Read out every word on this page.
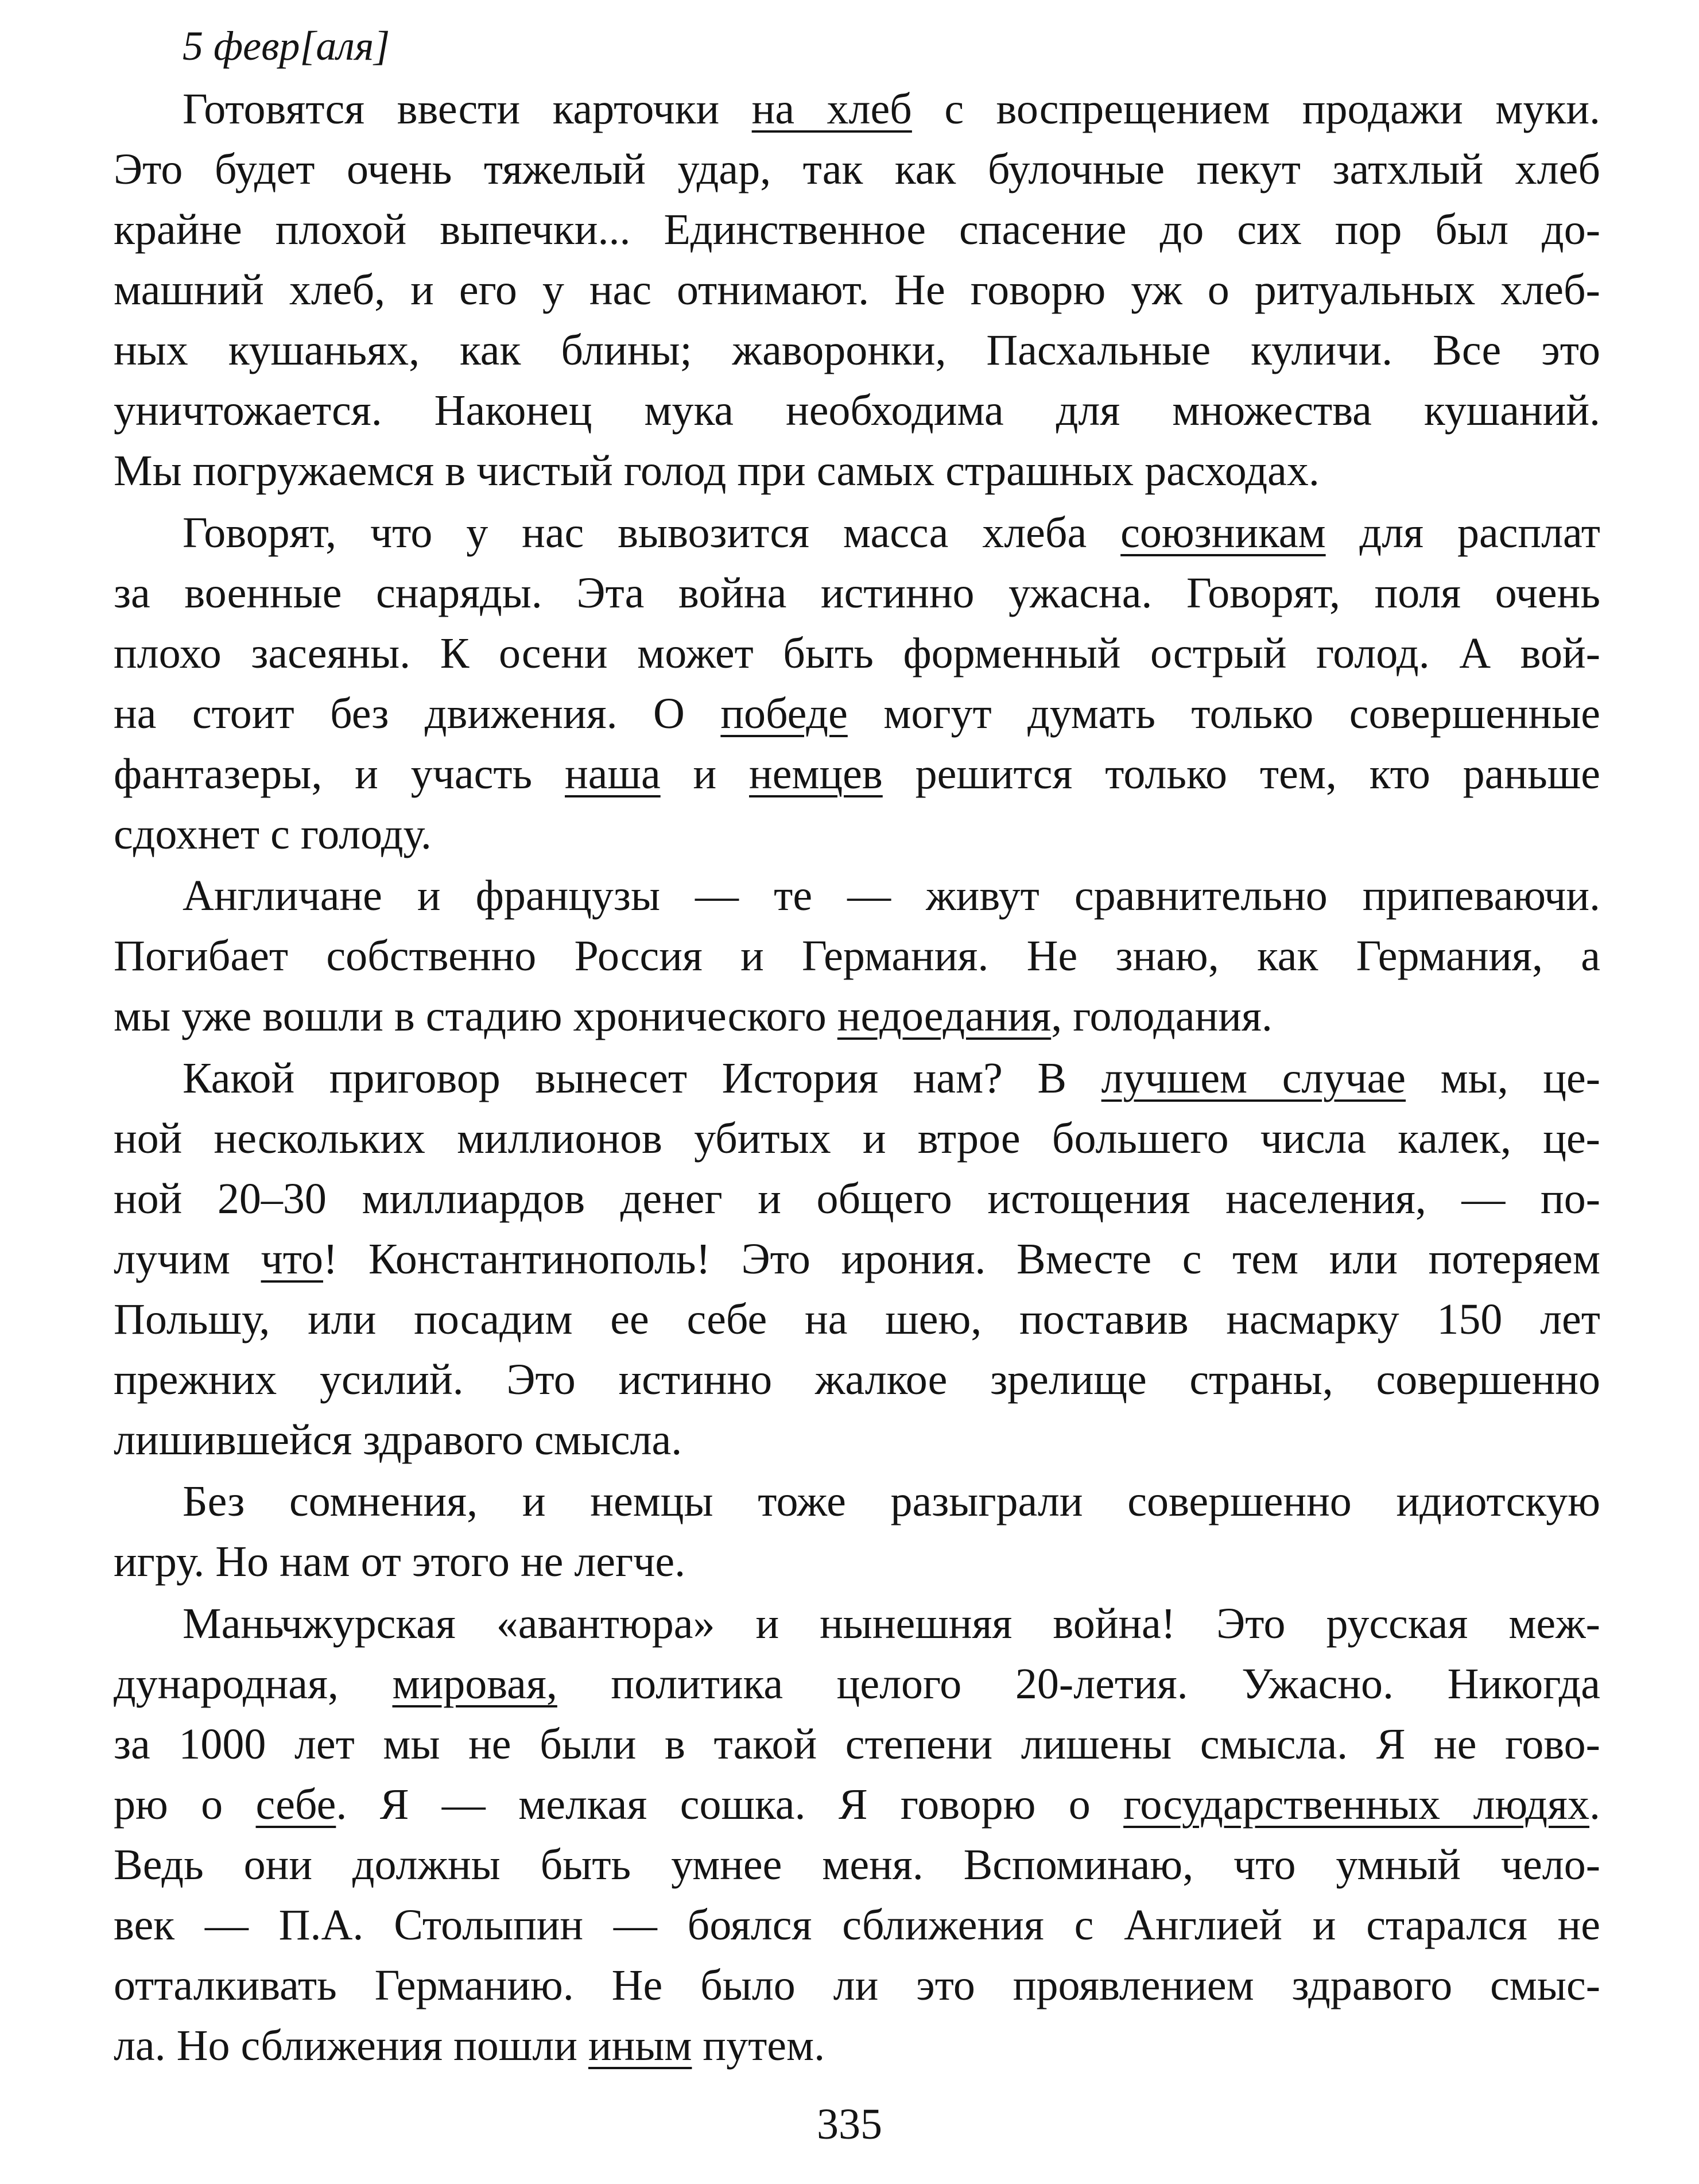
5 февр[аля]
Готовятся ввести карточки на хлеб с воспрещением продажи муки.
Это будет очень тяжелый удар, так как булочные пекут затхлый хлеб
крайне плохой выпечки... Единственное спасение до сих пор был до-
машний хлеб, и его у нас отнимают. Не говорю уж о ритуальных хлеб-
ных кушаньях, как блины; жаворонки, Пасхальные куличи. Все это
уничтожается. Наконец мука необходима для множества кушаний.
Мы погружаемся в чистый голод при самых страшных расходах.
Говорят, что у нас вывозится масса хлеба союзникам для расплат
за военные снаряды. Эта война истинно ужасна. Говорят, поля очень
плохо засеяны. К осени может быть форменный острый голод. А вой-
на стоит без движения. О победе могут думать только совершенные
фантазеры, и участь наша и немцев решится только тем, кто раньше
сдохнет с голоду.
Англичане и французы — те — живут сравнительно припеваючи.
Погибает собственно Россия и Германия. Не знаю, как Германия, а
мы уже вошли в стадию хронического недоедания, голодания.
Какой приговор вынесет История нам? В лучшем случае мы, це-
ной нескольких миллионов убитых и втрое большего числа калек, це-
ной 20–30 миллиардов денег и общего истощения населения, — по-
лучим что! Константинополь! Это ирония. Вместе с тем или потеряем
Польшу, или посадим ее себе на шею, поставив насмарку 150 лет
прежних усилий. Это истинно жалкое зрелище страны, совершенно
лишившейся здравого смысла.
Без сомнения, и немцы тоже разыграли совершенно идиотскую
игру. Но нам от этого не легче.
Маньчжурская «авантюра» и нынешняя война! Это русская меж-
дународная, мировая, политика целого 20-летия. Ужасно. Никогда
за 1000 лет мы не были в такой степени лишены смысла. Я не гово-
рю о себе. Я — мелкая сошка. Я говорю о государственных людях.
Ведь они должны быть умнее меня. Вспоминаю, что умный чело-
век — П.А. Столыпин — боялся сближения с Англией и старался не
отталкивать Германию. Не было ли это проявлением здравого смыс-
ла. Но сближения пошли иным путем.
335
